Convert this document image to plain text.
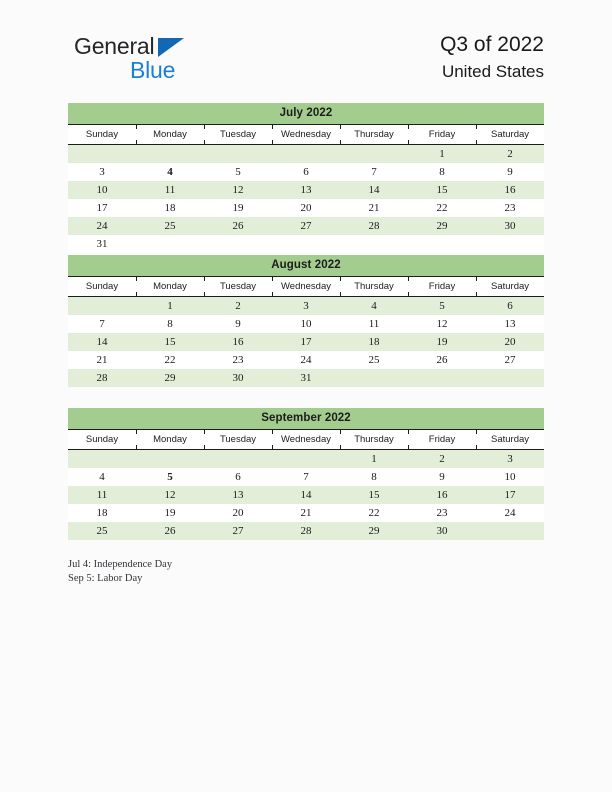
General
Blue
Q3 of 2022
United States
July 2022
Sunday	Monday	Tuesday	Wednesday	Thursday	Friday	Saturday
					1	2
3	4	5	6	7	8	9
10	11	12	13	14	15	16
17	18	19	20	21	22	23
24	25	26	27	28	29	30
31						
August 2022
Sunday	Monday	Tuesday	Wednesday	Thursday	Friday	Saturday
	1	2	3	4	5	6
7	8	9	10	11	12	13
14	15	16	17	18	19	20
21	22	23	24	25	26	27
28	29	30	31			
September 2022
Sunday	Monday	Tuesday	Wednesday	Thursday	Friday	Saturday
				1	2	3
4	5	6	7	8	9	10
11	12	13	14	15	16	17
18	19	20	21	22	23	24
25	26	27	28	29	30	
Jul 4: Independence Day
Sep 5: Labor Day
